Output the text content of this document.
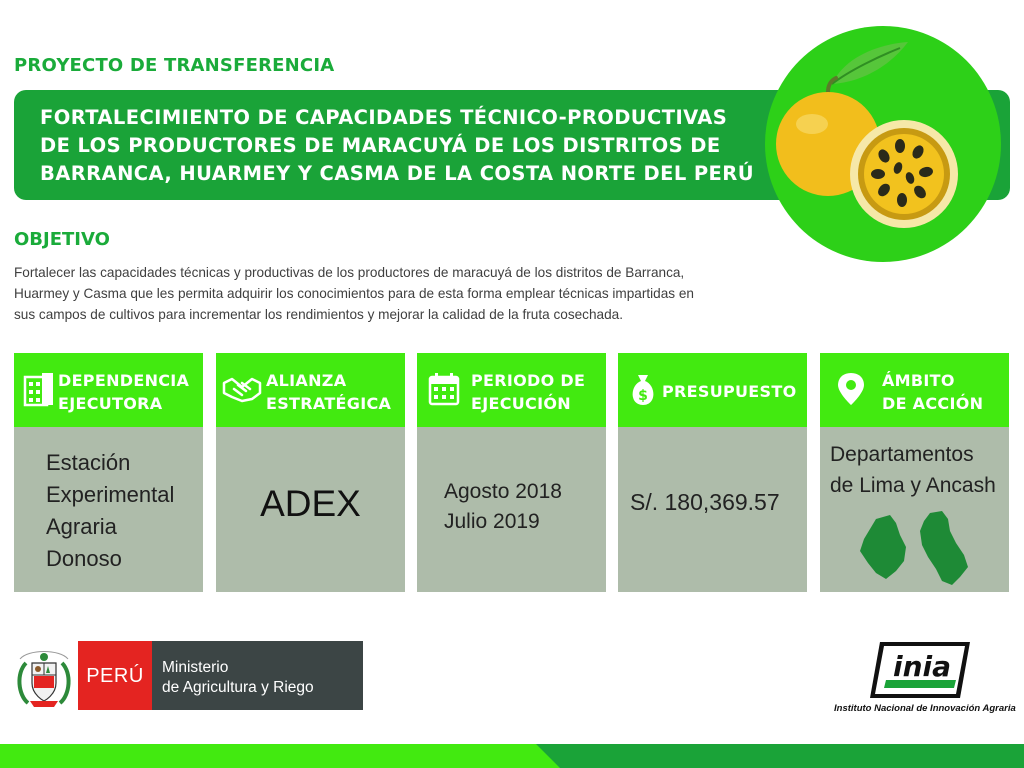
PROYECTO DE TRANSFERENCIA
FORTALECIMIENTO DE CAPACIDADES TÉCNICO-PRODUCTIVAS
DE LOS PRODUCTORES DE MARACUYÁ DE LOS DISTRITOS DE
BARRANCA, HUARMEY Y CASMA DE LA COSTA NORTE DEL PERÚ
OBJETIVO
Fortalecer las capacidades técnicas y productivas de los productores de maracuyá de los distritos de Barranca,
Huarmey y Casma que les permita adquirir los conocimientos para de esta forma emplear técnicas impartidas en
sus campos de cultivos para incrementar los rendimientos y mejorar la calidad de la fruta cosechada.
DEPENDENCIA
EJECUTORA
Estación
Experimental
Agraria
Donoso
ALIANZA
ESTRATÉGICA
ADEX
PERIODO DE
EJECUCIÓN
Agosto 2018
Julio 2019
$ PRESUPUESTO
S/. 180,369.57
ÁMBITO
DE ACCIÓN
Departamentos
de Lima y Ancash
PERÚ	Ministerio
de Agricultura y Riego
inia
Instituto Nacional de Innovación Agraria
